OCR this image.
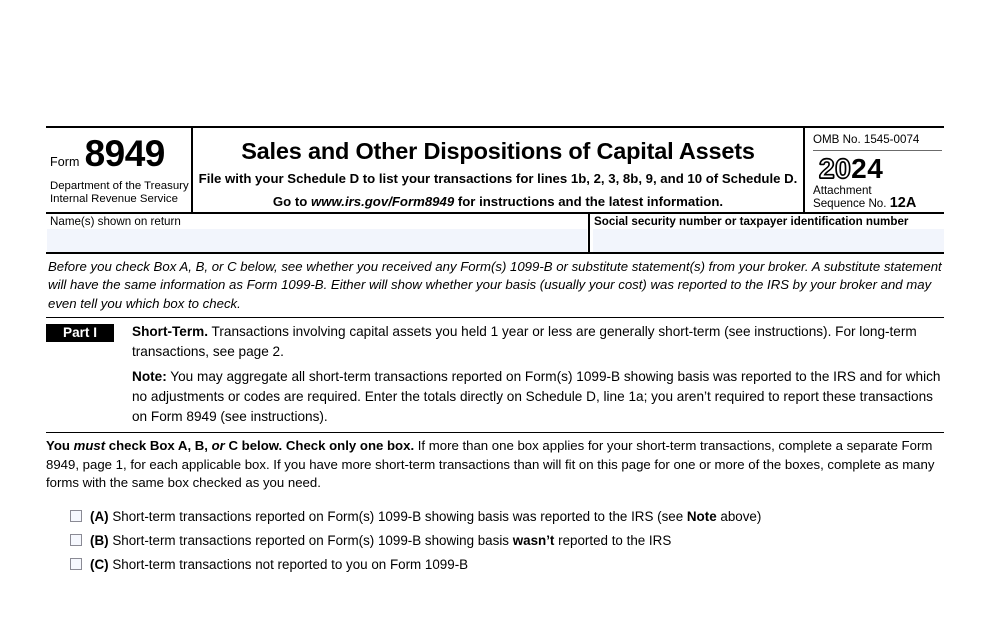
Form 8949
Department of the Treasury
Internal Revenue Service
Sales and Other Dispositions of Capital Assets
File with your Schedule D to list your transactions for lines 1b, 2, 3, 8b, 9, and 10 of Schedule D.
Go to www.irs.gov/Form8949 for instructions and the latest information.
OMB No. 1545-0074
2024
Attachment
Sequence No. 12A
Name(s) shown on return	Social security number or taxpayer identification number
Before you check Box A, B, or C below, see whether you received any Form(s) 1099-B or substitute statement(s) from your broker. A substitute statement will have the same information as Form 1099-B. Either will show whether your basis (usually your cost) was reported to the IRS by your broker and may even tell you which box to check.
Part I	Short-Term. Transactions involving capital assets you held 1 year or less are generally short-term (see instructions). For long-term transactions, see page 2.

Note: You may aggregate all short-term transactions reported on Form(s) 1099-B showing basis was reported to the IRS and for which no adjustments or codes are required. Enter the totals directly on Schedule D, line 1a; you aren’t required to report these transactions on Form 8949 (see instructions).

You must check Box A, B, or C below. Check only one box. If more than one box applies for your short-term transactions, complete a separate Form 8949, page 1, for each applicable box. If you have more short-term transactions than will fit on this page for one or more of the boxes, complete as many forms with the same box checked as you need.
(A) Short-term transactions reported on Form(s) 1099-B showing basis was reported to the IRS (see Note above)
(B) Short-term transactions reported on Form(s) 1099-B showing basis wasn’t reported to the IRS
(C) Short-term transactions not reported to you on Form 1099-B
